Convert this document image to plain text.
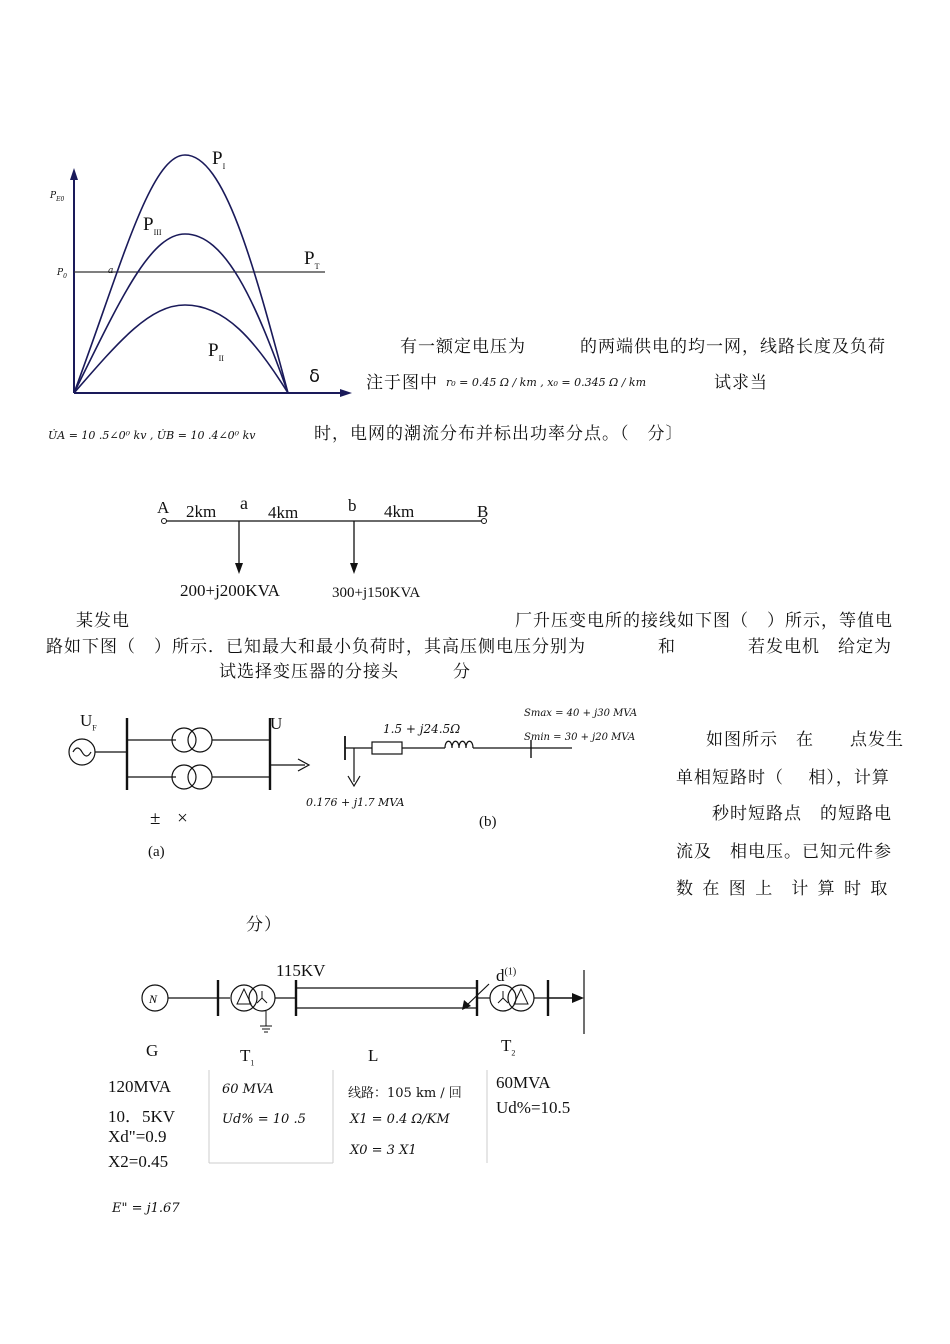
$P_I$
$P_{III}$
$P_{II}$
$P_T$
$P_{E0}$
$P_0$
a
δ
有一额定电压为　　　的两端供电的均一网，线路长度及负荷
注于图中 r₀ = 0.45 Ω / km , x₀ = 0.345 Ω / km	试求当
U̇A = 10 .5∠0⁰ kv , U̇B = 10 .4∠0⁰ kv	时，电网的潮流分布并标出功率分点。（　分〕
A 2km a 4km	b 4km	B
200+j200KVA	300+j150KVA
某发电	厂升压变电所的接线如下图（　）所示，等值电
路如下图（　）所示．已知最大和最小负荷时，其高压侧电压分别为　　　　和　　　　若发电机　给定为
试选择变压器的分接头　　　分
$U_F$	U
± ×
(a)
1.5 + j24.5Ω
Smax = 40 + j30 MVA
Smin = 30 + j20 MVA
0.176 + j1.7 MVA
(b)
如图所示　在　　点发生
单相短路时（　 相），计算
秒时短路点　的短路电
流及　相电压。已知元件参
数 在 图 上　计 算 时 取
分）
N
115KV	$d^{(1)}$
G	$T_1$	L
$T_2$
120MVA
10．5KV
Xd"=0.9
X2=0.45
60 MVA
Ud% = 10 .5
线路：105 km / 回
X1 = 0.4 Ω/KM
X0 = 3 X1
60MVA
Ud%=10.5
E" = j1.67
